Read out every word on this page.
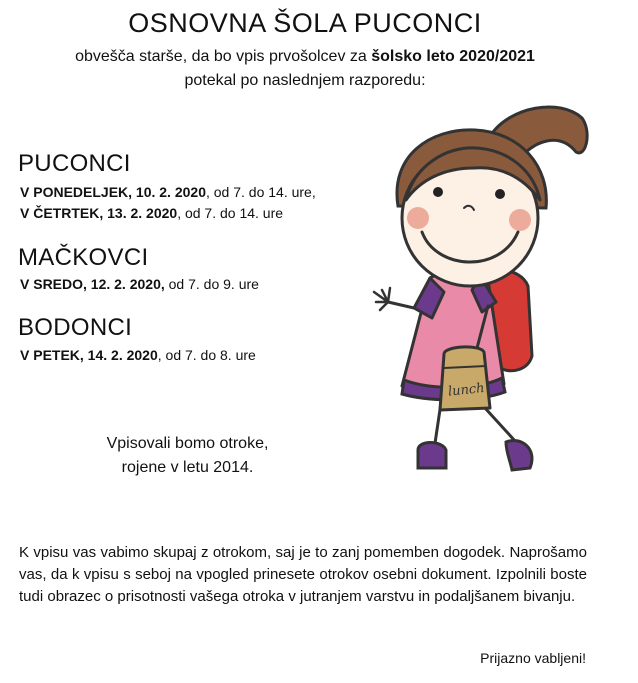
OSNOVNA ŠOLA PUCONCI
obvešča starše, da bo vpis prvošolcev za šolsko leto 2020/2021
potekal po naslednjem razporedu:
PUCONCI
V PONEDELJEK, 10. 2. 2020, od 7. do 14. ure,
V ČETRTEK, 13. 2. 2020, od 7. do 14. ure
MAČKOVCI
V SREDO, 12. 2. 2020, od 7. do 9. ure
BODONCI
V PETEK, 14. 2. 2020, od 7. do 8. ure
Vpisovali bomo otroke,
rojene v letu 2014.
K vpisu vas vabimo skupaj z otrokom, saj je to zanj pomemben dogodek. Naprošamo vas, da k vpisu s seboj na vpogled prinesete otrokov osebni dokument. Izpolnili boste tudi obrazec o prisotnosti vašega otroka v jutranjem varstvu in podaljšanem bivanju.
Prijazno vabljeni!
lunch
